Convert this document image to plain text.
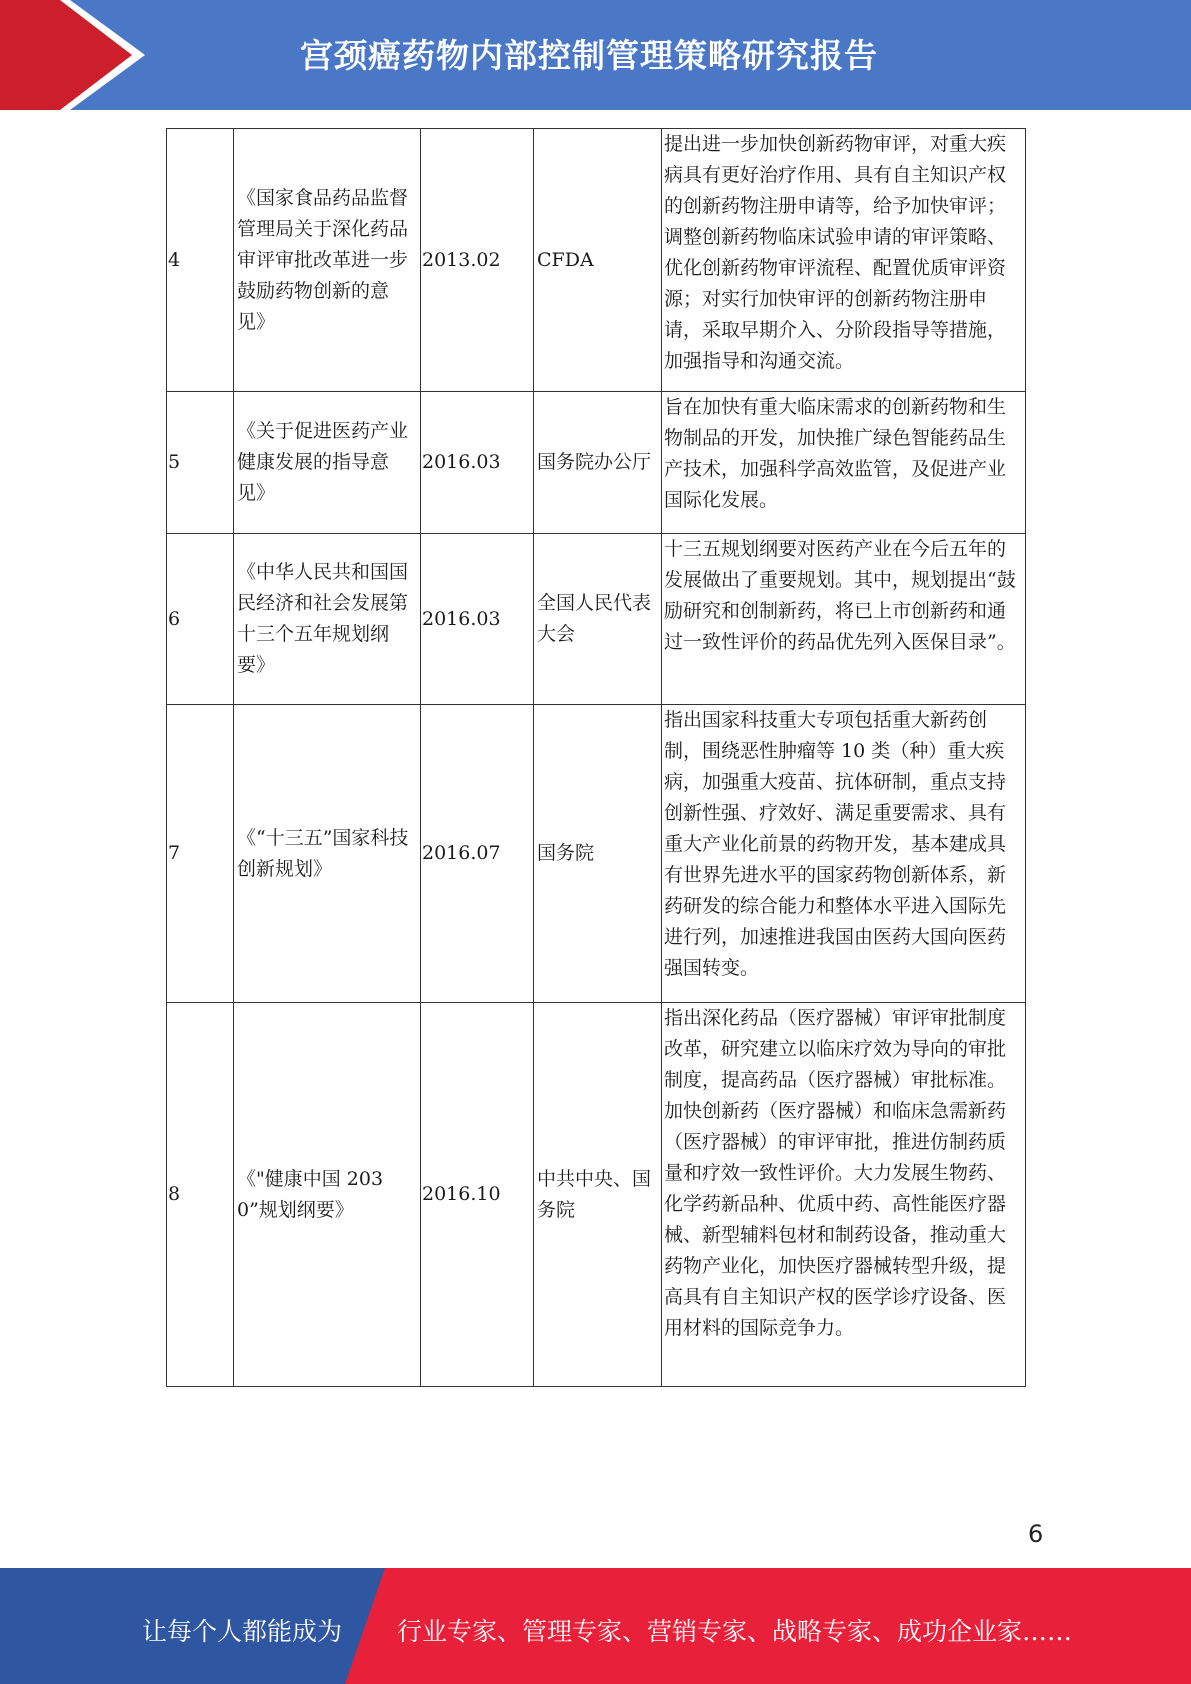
宫颈癌药物内部控制管理策略研究报告
4	《国家食品药品监督管理局关于深化药品审评审批改革进一步鼓励药物创新的意见》	2013.02	CFDA	提出进一步加快创新药物审评，对重大疾病具有更好治疗作用、具有自主知识产权的创新药物注册申请等，给予加快审评；调整创新药物临床试验申请的审评策略、优化创新药物审评流程、配置优质审评资源；对实行加快审评的创新药物注册申请，采取早期介入、分阶段指导等措施，加强指导和沟通交流。
5	《关于促进医药产业健康发展的指导意见》	2016.03	国务院办公厅	旨在加快有重大临床需求的创新药物和生物制品的开发，加快推广绿色智能药品生产技术，加强科学高效监管，及促进产业国际化发展。
6	《中华人民共和国国民经济和社会发展第十三个五年规划纲要》	2016.03	全国人民代表大会	十三五规划纲要对医药产业在今后五年的发展做出了重要规划。其中，规划提出“鼓励研究和创制新药，将已上市创新药和通过一致性评价的药品优先列入医保目录”。
7	《“十三五”国家科技创新规划》	2016.07	国务院	指出国家科技重大专项包括重大新药创制，围绕恶性肿瘤等 10 类（种）重大疾病，加强重大疫苗、抗体研制，重点支持创新性强、疗效好、满足重要需求、具有重大产业化前景的药物开发，基本建成具有世界先进水平的国家药物创新体系，新药研发的综合能力和整体水平进入国际先进行列，加速推进我国由医药大国向医药强国转变。
8	《"健康中国 2030”规划纲要》	2016.10	中共中央、国务院	指出深化药品（医疗器械）审评审批制度改革，研究建立以临床疗效为导向的审批制度，提高药品（医疗器械）审批标准。加快创新药（医疗器械）和临床急需新药（医疗器械）的审评审批，推进仿制药质量和疗效一致性评价。大力发展生物药、化学药新品种、优质中药、高性能医疗器械、新型辅料包材和制药设备，推动重大药物产业化，加快医疗器械转型升级，提高具有自主知识产权的医学诊疗设备、医用材料的国际竞争力。
6
让每个人都能成为 行业专家、管理专家、营销专家、战略专家、成功企业家……
